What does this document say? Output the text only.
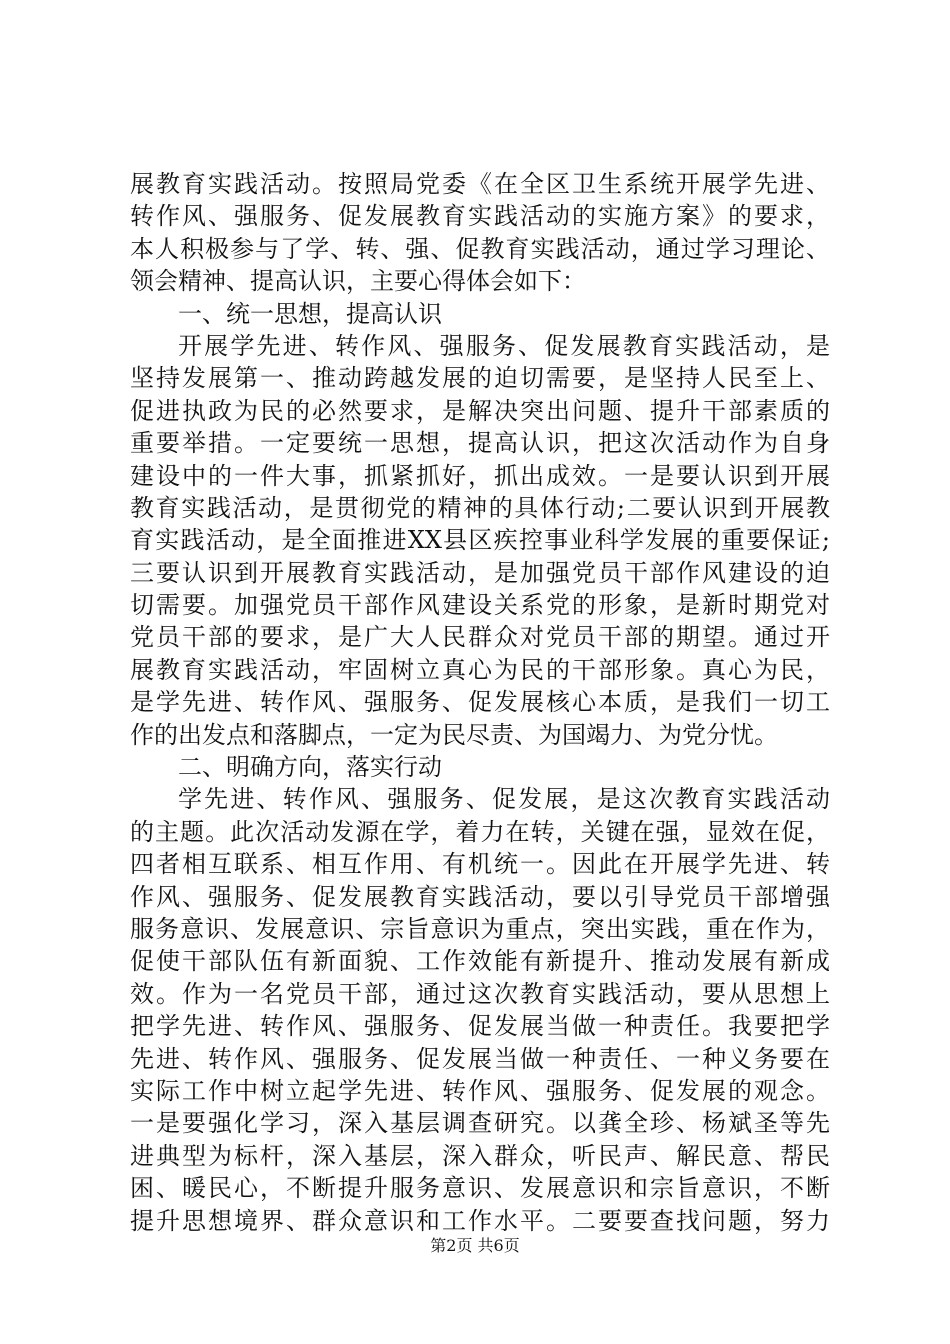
展教育实践活动。按照局党委《在全区卫生系统开展学先进、
转作风、强服务、促发展教育实践活动的实施方案》的要求，
本人积极参与了学、转、强、促教育实践活动，通过学习理论、
领会精神、提高认识，主要心得体会如下：
一、统一思想，提高认识
开展学先进、转作风、强服务、促发展教育实践活动，是
坚持发展第一、推动跨越发展的迫切需要，是坚持人民至上、
促进执政为民的必然要求，是解决突出问题、提升干部素质的
重要举措。一定要统一思想，提高认识，把这次活动作为自身
建设中的一件大事，抓紧抓好，抓出成效。一是要认识到开展
教育实践活动，是贯彻党的精神的具体行动;二要认识到开展教
育实践活动，是全面推进XX县区疾控事业科学发展的重要保证;
三要认识到开展教育实践活动，是加强党员干部作风建设的迫
切需要。加强党员干部作风建设关系党的形象，是新时期党对
党员干部的要求，是广大人民群众对党员干部的期望。通过开
展教育实践活动，牢固树立真心为民的干部形象。真心为民，
是学先进、转作风、强服务、促发展核心本质，是我们一切工
作的出发点和落脚点，一定为民尽责、为国竭力、为党分忧。
二、明确方向，落实行动
学先进、转作风、强服务、促发展，是这次教育实践活动
的主题。此次活动发源在学，着力在转，关键在强，显效在促，
四者相互联系、相互作用、有机统一。因此在开展学先进、转
作风、强服务、促发展教育实践活动，要以引导党员干部增强
服务意识、发展意识、宗旨意识为重点，突出实践，重在作为，
促使干部队伍有新面貌、工作效能有新提升、推动发展有新成
效。作为一名党员干部，通过这次教育实践活动，要从思想上
把学先进、转作风、强服务、促发展当做一种责任。我要把学
先进、转作风、强服务、促发展当做一种责任、一种义务要在
实际工作中树立起学先进、转作风、强服务、促发展的观念。
一是要强化学习，深入基层调查研究。以龚全珍、杨斌圣等先
进典型为标杆，深入基层，深入群众，听民声、解民意、帮民
困、暖民心，不断提升服务意识、发展意识和宗旨意识，不断
提升思想境界、群众意识和工作水平。二要要查找问题，努力
第2页 共6页
